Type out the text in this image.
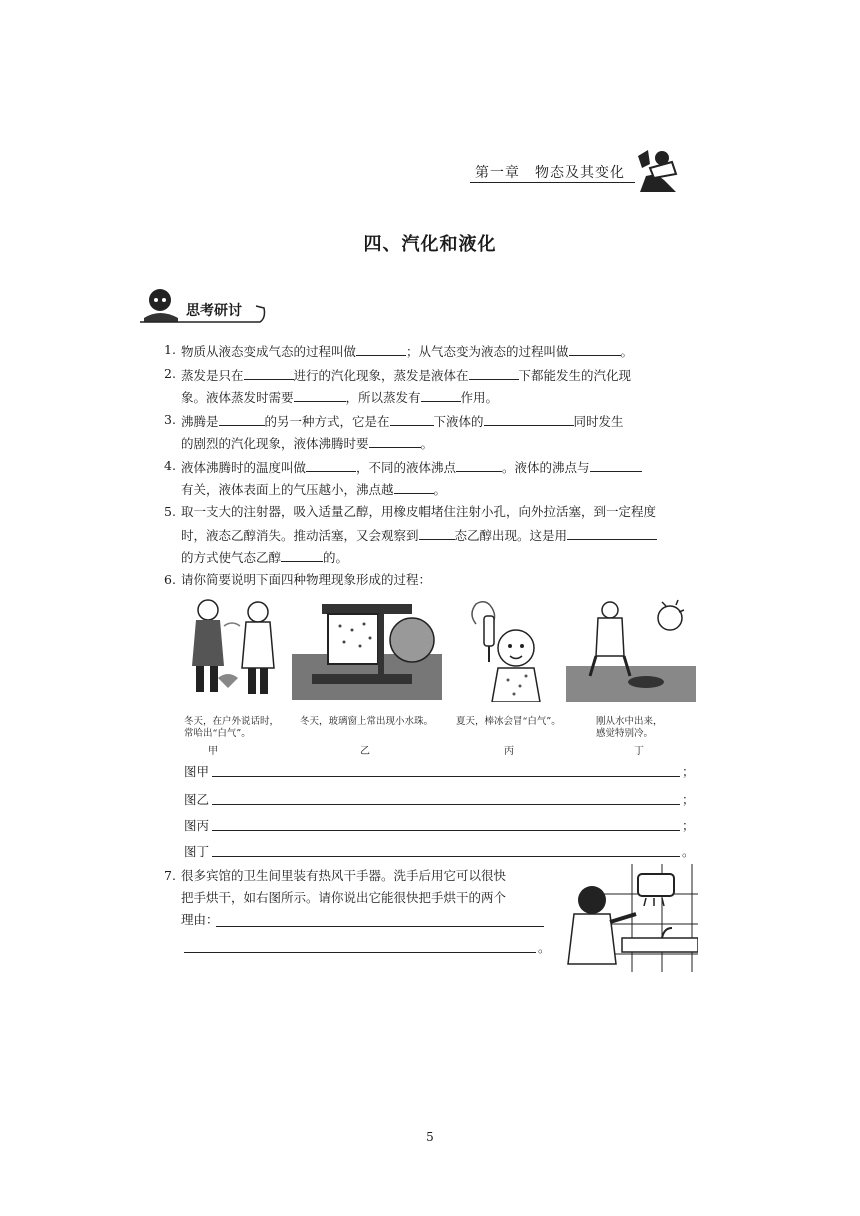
第一章　物态及其变化
四、汽化和液化
思考研讨
1. 物质从液态变成气态的过程叫做	；从气态变为液态的过程叫做	。
2. 蒸发是只在	进行的汽化现象，蒸发是液体在	下都能发生的汽化现
象。液体蒸发时需要	，所以蒸发有	作用。
3. 沸腾是	的另一种方式，它是在	下液体的	同时发生
的剧烈的汽化现象，液体沸腾时要	。
4. 液体沸腾时的温度叫做	，不同的液体沸点	。液体的沸点与
有关，液体表面上的气压越小，沸点越	。
5. 取一支大的注射器，吸入适量乙醇，用橡皮帽堵住注射小孔，向外拉活塞，到一定程度
时，液态乙醇消失。推动活塞，又会观察到	态乙醇出现。这是用
的方式使气态乙醇	的。
6. 请你简要说明下面四种物理现象形成的过程：
冬天，在户外说话时，
常哈出“白气”。
冬天，玻璃窗上常出现小水珠。 夏天，棒冰会冒“白气”。	刚从水中出来，
感觉特别冷。
甲	乙	丙	丁
图甲	；
图乙	；
图丙	；
图丁	。
7. 很多宾馆的卫生间里装有热风干手器。洗手后用它可以很快
把手烘干，如右图所示。请你说出它能很快把手烘干的两个
理由：
。
5
